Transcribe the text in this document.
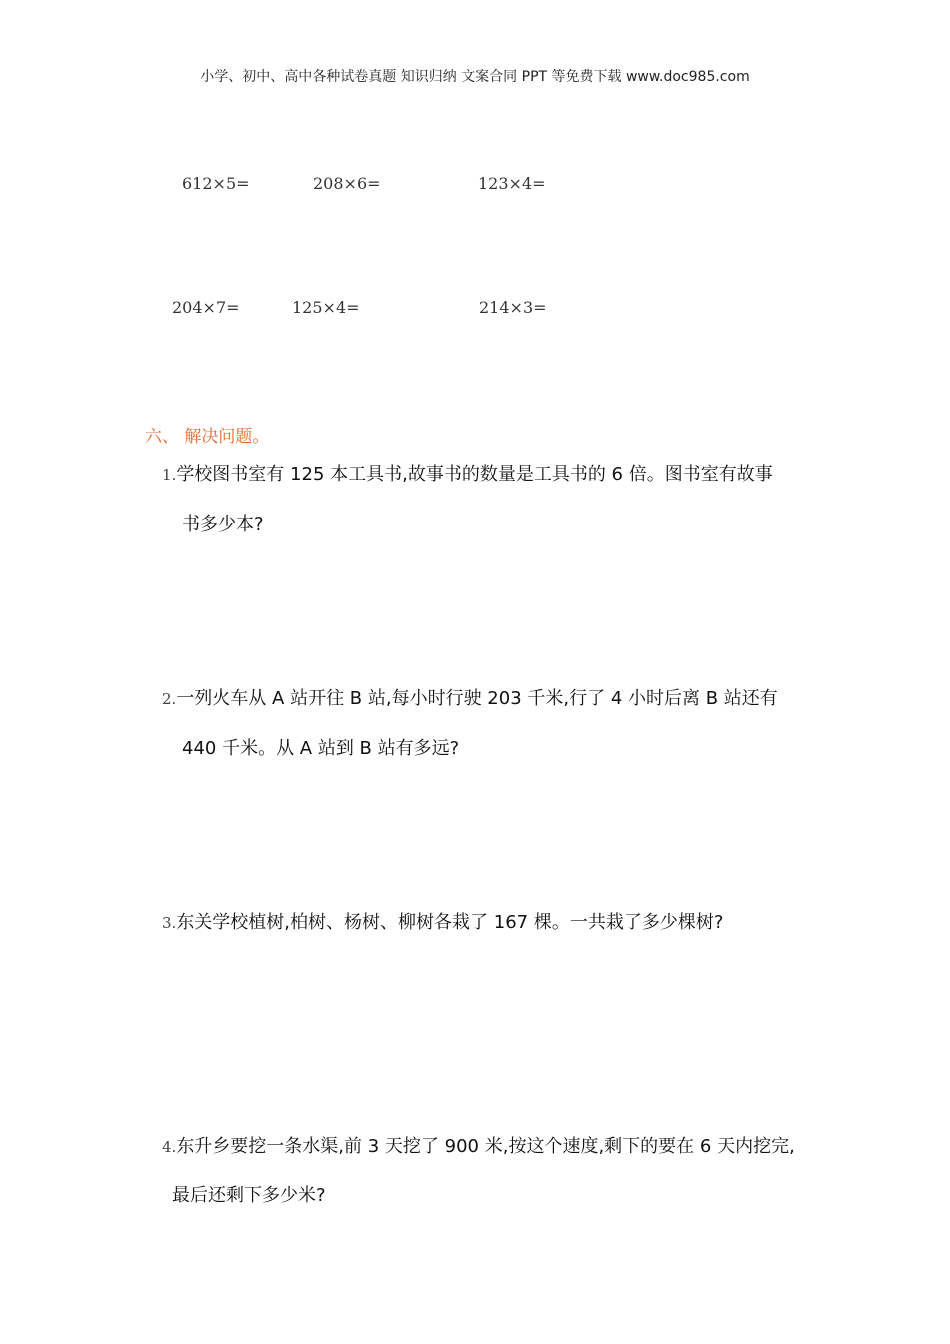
小学、初中、高中各种试卷真题 知识归纳 文案合同 PPT 等免费下载 www.doc985.com
612×5=	208×6=	123×4=
204×7=	125×4=	214×3=
六、 解决问题。
1.学校图书室有 125 本工具书,故事书的数量是工具书的 6 倍。图书室有故事
书多少本?
2.一列火车从 A 站开往 B 站,每小时行驶 203 千米,行了 4 小时后离 B 站还有
440 千米。从 A 站到 B 站有多远?
3.东关学校植树,柏树、杨树、柳树各栽了 167 棵。一共栽了多少棵树?
4.东升乡要挖一条水渠,前 3 天挖了 900 米,按这个速度,剩下的要在 6 天内挖完,
最后还剩下多少米?
